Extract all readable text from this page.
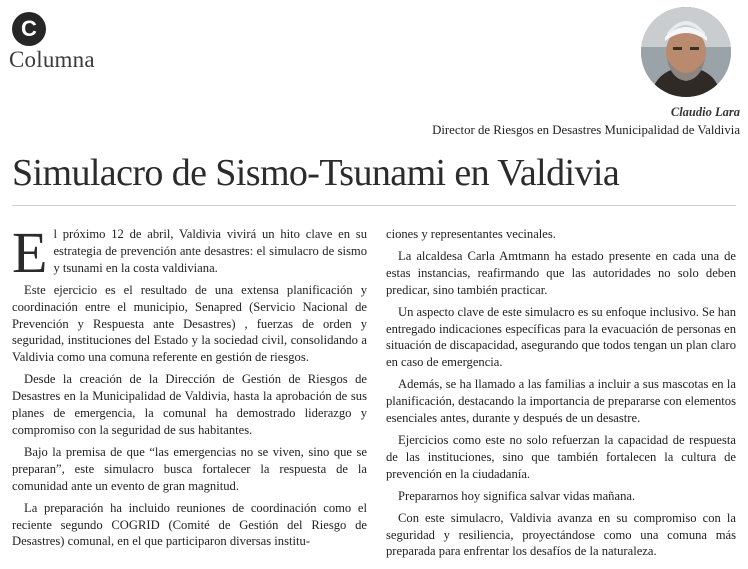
C
Columna
Claudio Lara
Director de Riesgos en Desastres Municipalidad de Valdivia
Simulacro de Sismo-Tsunami en Valdivia

El próximo 12 de abril, Valdivia vivirá un hito clave en su estrategia de prevención ante desastres: el simulacro de sismo y tsunami en la costa valdiviana.

Este ejercicio es el resultado de una extensa planificación y coordinación entre el municipio, Senapred (Servicio Nacional de Prevención y Respuesta ante Desastres) , fuerzas de orden y seguridad, instituciones del Estado y la sociedad civil, consolidando a Valdivia como una comuna referente en gestión de riesgos.

Desde la creación de la Dirección de Gestión de Riesgos de Desastres en la Municipalidad de Valdivia, hasta la aprobación de sus planes de emergencia, la comunal ha demostrado liderazgo y compromiso con la seguridad de sus habitantes.

Bajo la premisa de que “las emergencias no se viven, sino que se preparan”, este simulacro busca fortalecer la respuesta de la comunidad ante un evento de gran magnitud.

La preparación ha incluido reuniones de coordinación como el reciente segundo COGRID (Comité de Gestión del Riesgo de Desastres) comunal, en el que participaron diversas institu-

ciones y representantes vecinales.

La alcaldesa Carla Amtmann ha estado presente en cada una de estas instancias, reafirmando que las autoridades no solo deben predicar, sino también practicar.

Un aspecto clave de este simulacro es su enfoque inclusivo. Se han entregado indicaciones específicas para la evacuación de personas en situación de discapacidad, asegurando que todos tengan un plan claro en caso de emergencia.

Además, se ha llamado a las familias a incluir a sus mascotas en la planificación, destacando la importancia de prepararse con elementos esenciales antes, durante y después de un desastre.

Ejercicios como este no solo refuerzan la capacidad de respuesta de las instituciones, sino que también fortalecen la cultura de prevención en la ciudadanía.

Prepararnos hoy significa salvar vidas mañana.

Con este simulacro, Valdivia avanza en su compromiso con la seguridad y resiliencia, proyectándose como una comuna más preparada para enfrentar los desafíos de la naturaleza.
